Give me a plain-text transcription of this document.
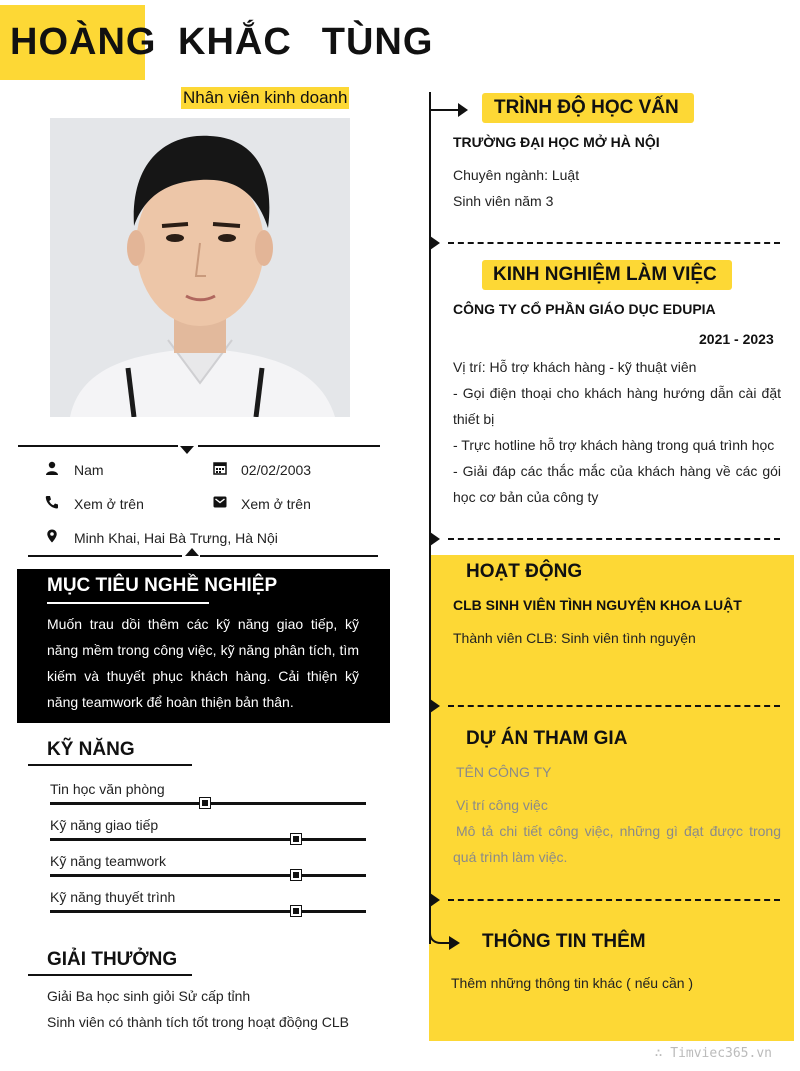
HOÀNG KHẮC TÙNG
Nhân viên kinh doanh
Nam	02/02/2003
Xem ở trên	Xem ở trên
Minh Khai, Hai Bà Trưng, Hà Nội
MỤC TIÊU NGHỀ NGHIỆP

Muốn trau dồi thêm các kỹ năng giao tiếp, kỹ năng mềm trong công việc, kỹ năng phân tích, tìm kiếm và thuyết phục khách hàng. Cải thiện kỹ năng teamwork để hoàn thiện bản thân.

KỸ NĂNG
Tin học văn phòng
Kỹ năng giao tiếp
Kỹ năng teamwork
Kỹ năng thuyết trình
GIẢI THƯỞNG
Giải Ba học sinh giỏi Sử cấp tỉnh
Sinh viên có thành tích tốt trong hoạt đồộng CLB
TRÌNH ĐỘ HỌC VẤN
TRƯỜNG ĐẠI HỌC MỞ HÀ NỘI
Chuyên ngành: Luật
Sinh viên năm 3
KINH NGHIỆM LÀM VIỆC
CÔNG TY CỔ PHẦN GIÁO DỤC EDUPIA
2021 - 2023
Vị trí: Hỗ trợ khách hàng - kỹ thuật viên
- Gọi điện thoại cho khách hàng hướng dẫn cài đặt thiết bị
- Trực hotline hỗ trợ khách hàng trong quá trình học
- Giải đáp các thắc mắc của khách hàng về các gói học cơ bản của công ty
HOẠT ĐỘNG
CLB SINH VIÊN TÌNH NGUYỆN KHOA LUẬT
Thành viên CLB: Sinh viên tình nguyện
DỰ ÁN THAM GIA
TÊN CÔNG TY
Vị trí công việc
Mô tả chi tiết công việc, những gì đạt được trong quá trình làm việc.
THÔNG TIN THÊM
Thêm những thông tin khác ( nếu cần )
∴ Timviec365.vn
